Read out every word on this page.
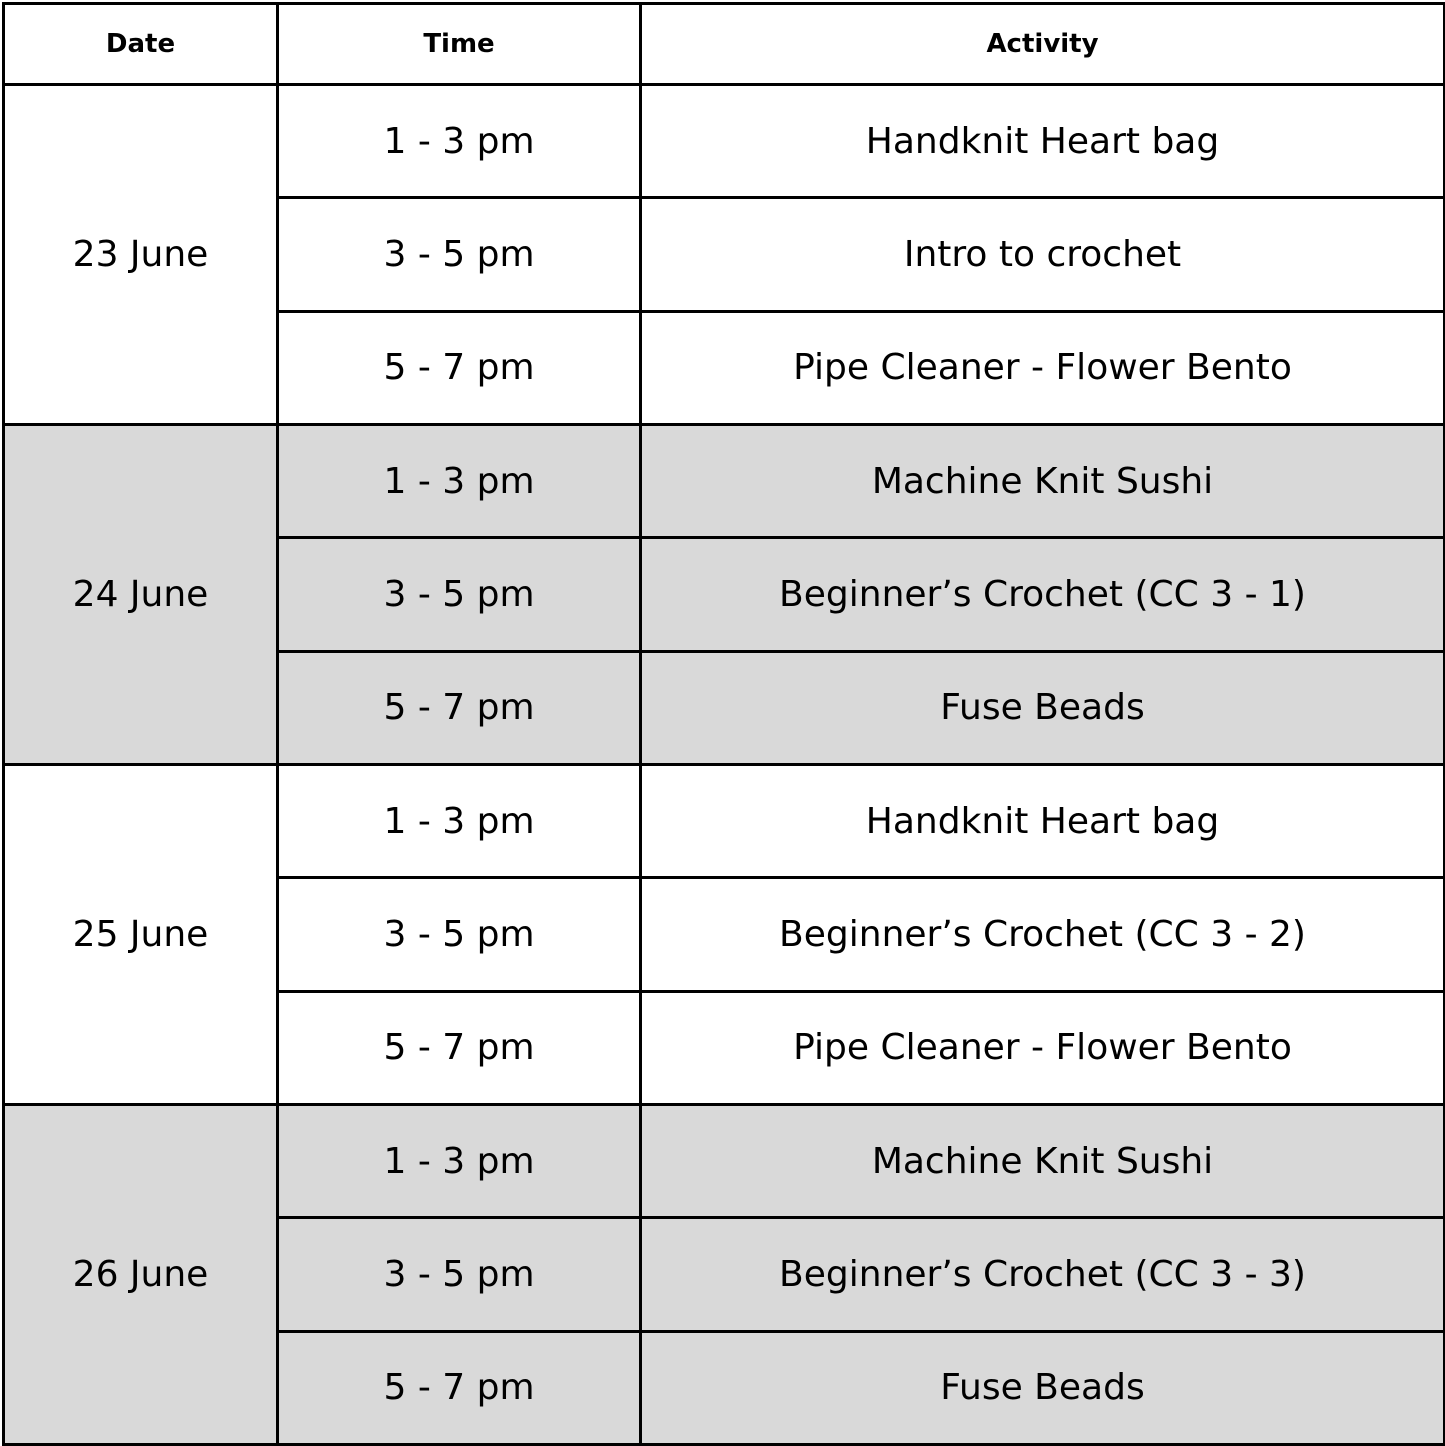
Date	Time	Activity
23 June	1 - 3 pm	Handknit Heart bag
	3 - 5 pm	Intro to crochet
	5 - 7 pm	Pipe Cleaner - Flower Bento
24 June	1 - 3 pm	Machine Knit Sushi
	3 - 5 pm	Beginner’s Crochet (CC 3 - 1)
	5 - 7 pm	Fuse Beads
25 June	1 - 3 pm	Handknit Heart bag
	3 - 5 pm	Beginner’s Crochet (CC 3 - 2)
	5 - 7 pm	Pipe Cleaner - Flower Bento
26 June	1 - 3 pm	Machine Knit Sushi
	3 - 5 pm	Beginner’s Crochet (CC 3 - 3)
	5 - 7 pm	Fuse Beads
